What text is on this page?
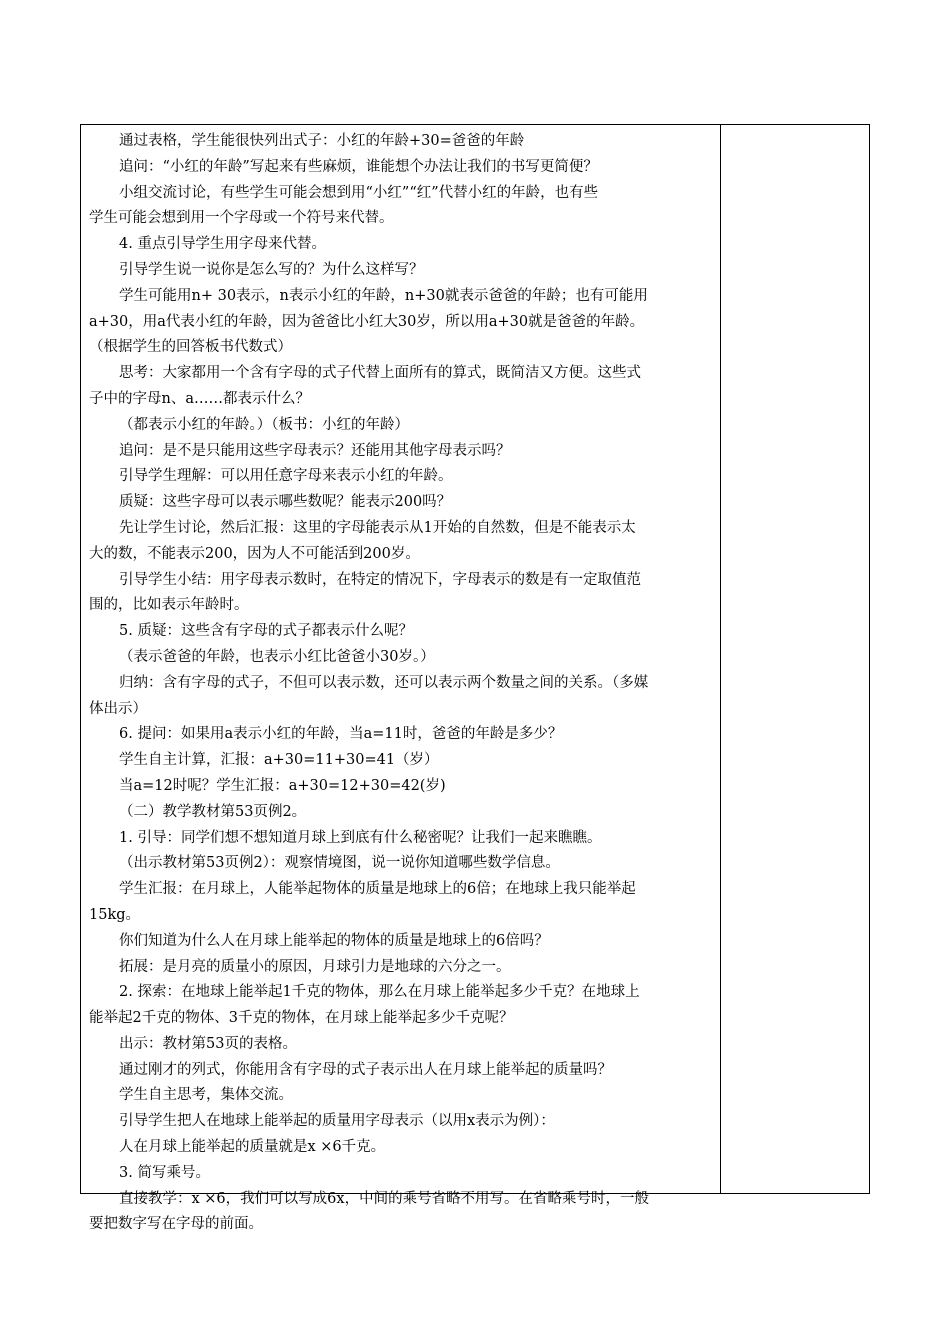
通过表格，学生能很快列出式子：小红的年龄+30=爸爸的年龄
追问：“小红的年龄”写起来有些麻烦，谁能想个办法让我们的书写更简便？
小组交流讨论，有些学生可能会想到用“小红”“红”代替小红的年龄，也有些
学生可能会想到用一个字母或一个符号来代替。
4. 重点引导学生用字母来代替。
引导学生说一说你是怎么写的？为什么这样写？
学生可能用n+ 30表示，n表示小红的年龄，n+30就表示爸爸的年龄；也有可能用
a+30，用a代表小红的年龄，因为爸爸比小红大30岁，所以用a+30就是爸爸的年龄。
（根据学生的回答板书代数式）
思考：大家都用一个含有字母的式子代替上面所有的算式，既简洁又方便。这些式
子中的字母n、a……都表示什么？
（都表示小红的年龄。）（板书：小红的年龄）
追问：是不是只能用这些字母表示？还能用其他字母表示吗？
引导学生理解：可以用任意字母来表示小红的年龄。
质疑：这些字母可以表示哪些数呢？能表示200吗？
先让学生讨论，然后汇报：这里的字母能表示从1开始的自然数，但是不能表示太
大的数，不能表示200，因为人不可能活到200岁。
引导学生小结：用字母表示数时，在特定的情况下，字母表示的数是有一定取值范
围的，比如表示年龄时。
5. 质疑：这些含有字母的式子都表示什么呢？
（表示爸爸的年龄，也表示小红比爸爸小30岁。）
归纳：含有字母的式子，不但可以表示数，还可以表示两个数量之间的关系。（多媒
体出示）
6. 提问：如果用a表示小红的年龄，当a=11时，爸爸的年龄是多少？
学生自主计算，汇报：a+30=11+30=41（岁）
当a=12时呢？学生汇报：a+30=12+30=42(岁)
（二）教学教材第53页例2。
1. 引导：同学们想不想知道月球上到底有什么秘密呢？让我们一起来瞧瞧。
（出示教材第53页例2）：观察情境图，说一说你知道哪些数学信息。
学生汇报：在月球上，人能举起物体的质量是地球上的6倍；在地球上我只能举起
15kg。
你们知道为什么人在月球上能举起的物体的质量是地球上的6倍吗？
拓展：是月亮的质量小的原因，月球引力是地球的六分之一。
2. 探索：在地球上能举起1千克的物体，那么在月球上能举起多少千克？在地球上
能举起2千克的物体、3千克的物体，在月球上能举起多少千克呢？
出示：教材第53页的表格。
通过刚才的列式，你能用含有字母的式子表示出人在月球上能举起的质量吗？
学生自主思考，集体交流。
引导学生把人在地球上能举起的质量用字母表示（以用x表示为例）：
人在月球上能举起的质量就是x ×6千克。
3. 简写乘号。
直接教学：x ×6，我们可以写成6x，中间的乘号省略不用写。在省略乘号时，一般
要把数字写在字母的前面。
